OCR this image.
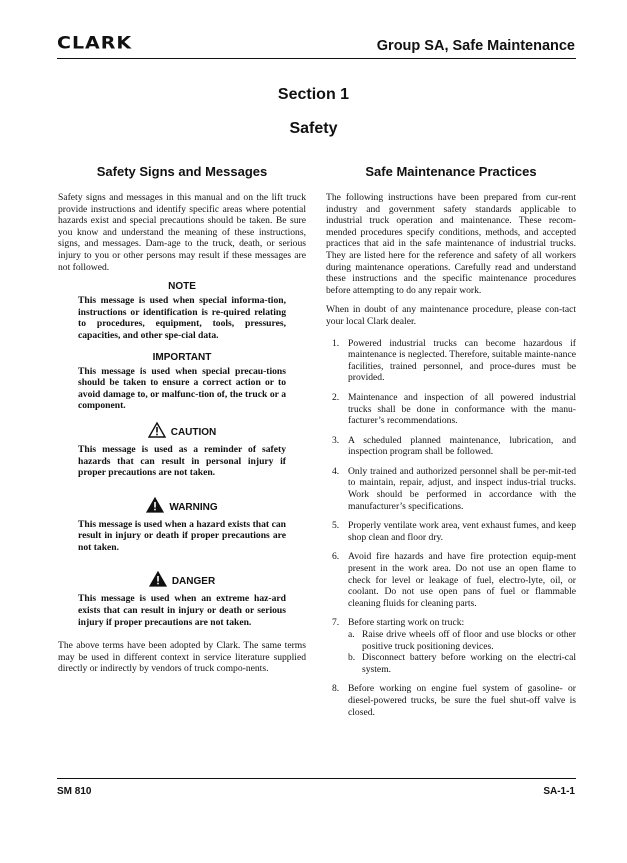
CLARK	Group SA, Safe Maintenance
Section 1
Safety
Safety Signs and Messages

Safety signs and messages in this manual and on the lift truck provide instructions and identify specific areas where potential hazards exist and special precautions should be taken. Be sure you know and understand the meaning of these instructions, signs, and messages. Dam-age to the truck, death, or serious injury to you or other persons may result if these messages are not followed.

NOTE
This message is used when special informa-tion, instructions or identification is re-quired relating to procedures, equipment, tools, pressures, capacities, and other spe-cial data.
IMPORTANT
This message is used when special precau-tions should be taken to ensure a correct action or to avoid damage to, or malfunc-tion of, the truck or a component.
CAUTION
This message is used as a reminder of safety hazards that can result in personal injury if proper precautions are not taken.
WARNING
This message is used when a hazard exists that can result in injury or death if proper precautions are not taken.
DANGER
This message is used when an extreme haz-ard exists that can result in injury or death or serious injury if proper precautions are not taken.

The above terms have been adopted by Clark. The same terms may be used in different context in service literature supplied directly or indirectly by vendors of truck compo-nents.

Safe Maintenance Practices

The following instructions have been prepared from cur-rent industry and government safety standards applicable to industrial truck operation and maintenance. These recom-mended procedures specify conditions, methods, and accepted practices that aid in the safe maintenance of industrial trucks. They are listed here for the reference and safety of all workers during maintenance operations. Carefully read and understand these instructions and the specific maintenance procedures before attempting to do any repair work.

When in doubt of any maintenance procedure, please con-tact your local Clark dealer.

1. Powered industrial trucks can become hazardous if maintenance is neglected. Therefore, suitable mainte-nance facilities, trained personnel, and proce-dures must be provided.
2. Maintenance and inspection of all powered industrial trucks shall be done in conformance with the manu-facturer’s recommendations.
3. A scheduled planned maintenance, lubrication, and inspection program shall be followed.
4. Only trained and authorized personnel shall be per-mit-ted to maintain, repair, adjust, and inspect indus-trial trucks. Work should be performed in accordance with the manufacturer’s specifications.
5. Properly ventilate work area, vent exhaust fumes, and keep shop clean and floor dry.
6. Avoid fire hazards and have fire protection equip-ment present in the work area. Do not use an open flame to check for level or leakage of fuel, electro-lyte, oil, or coolant. Do not use open pans of fuel or flammable cleaning fluids for cleaning parts.
7. Before starting work on truck:
a. Raise drive wheels off of floor and use blocks or other positive truck positioning devices.
b. Disconnect battery before working on the electri-cal system.
8. Before working on engine fuel system of gasoline- or diesel-powered trucks, be sure the fuel shut-off valve is closed.
SM 810	SA-1-1
